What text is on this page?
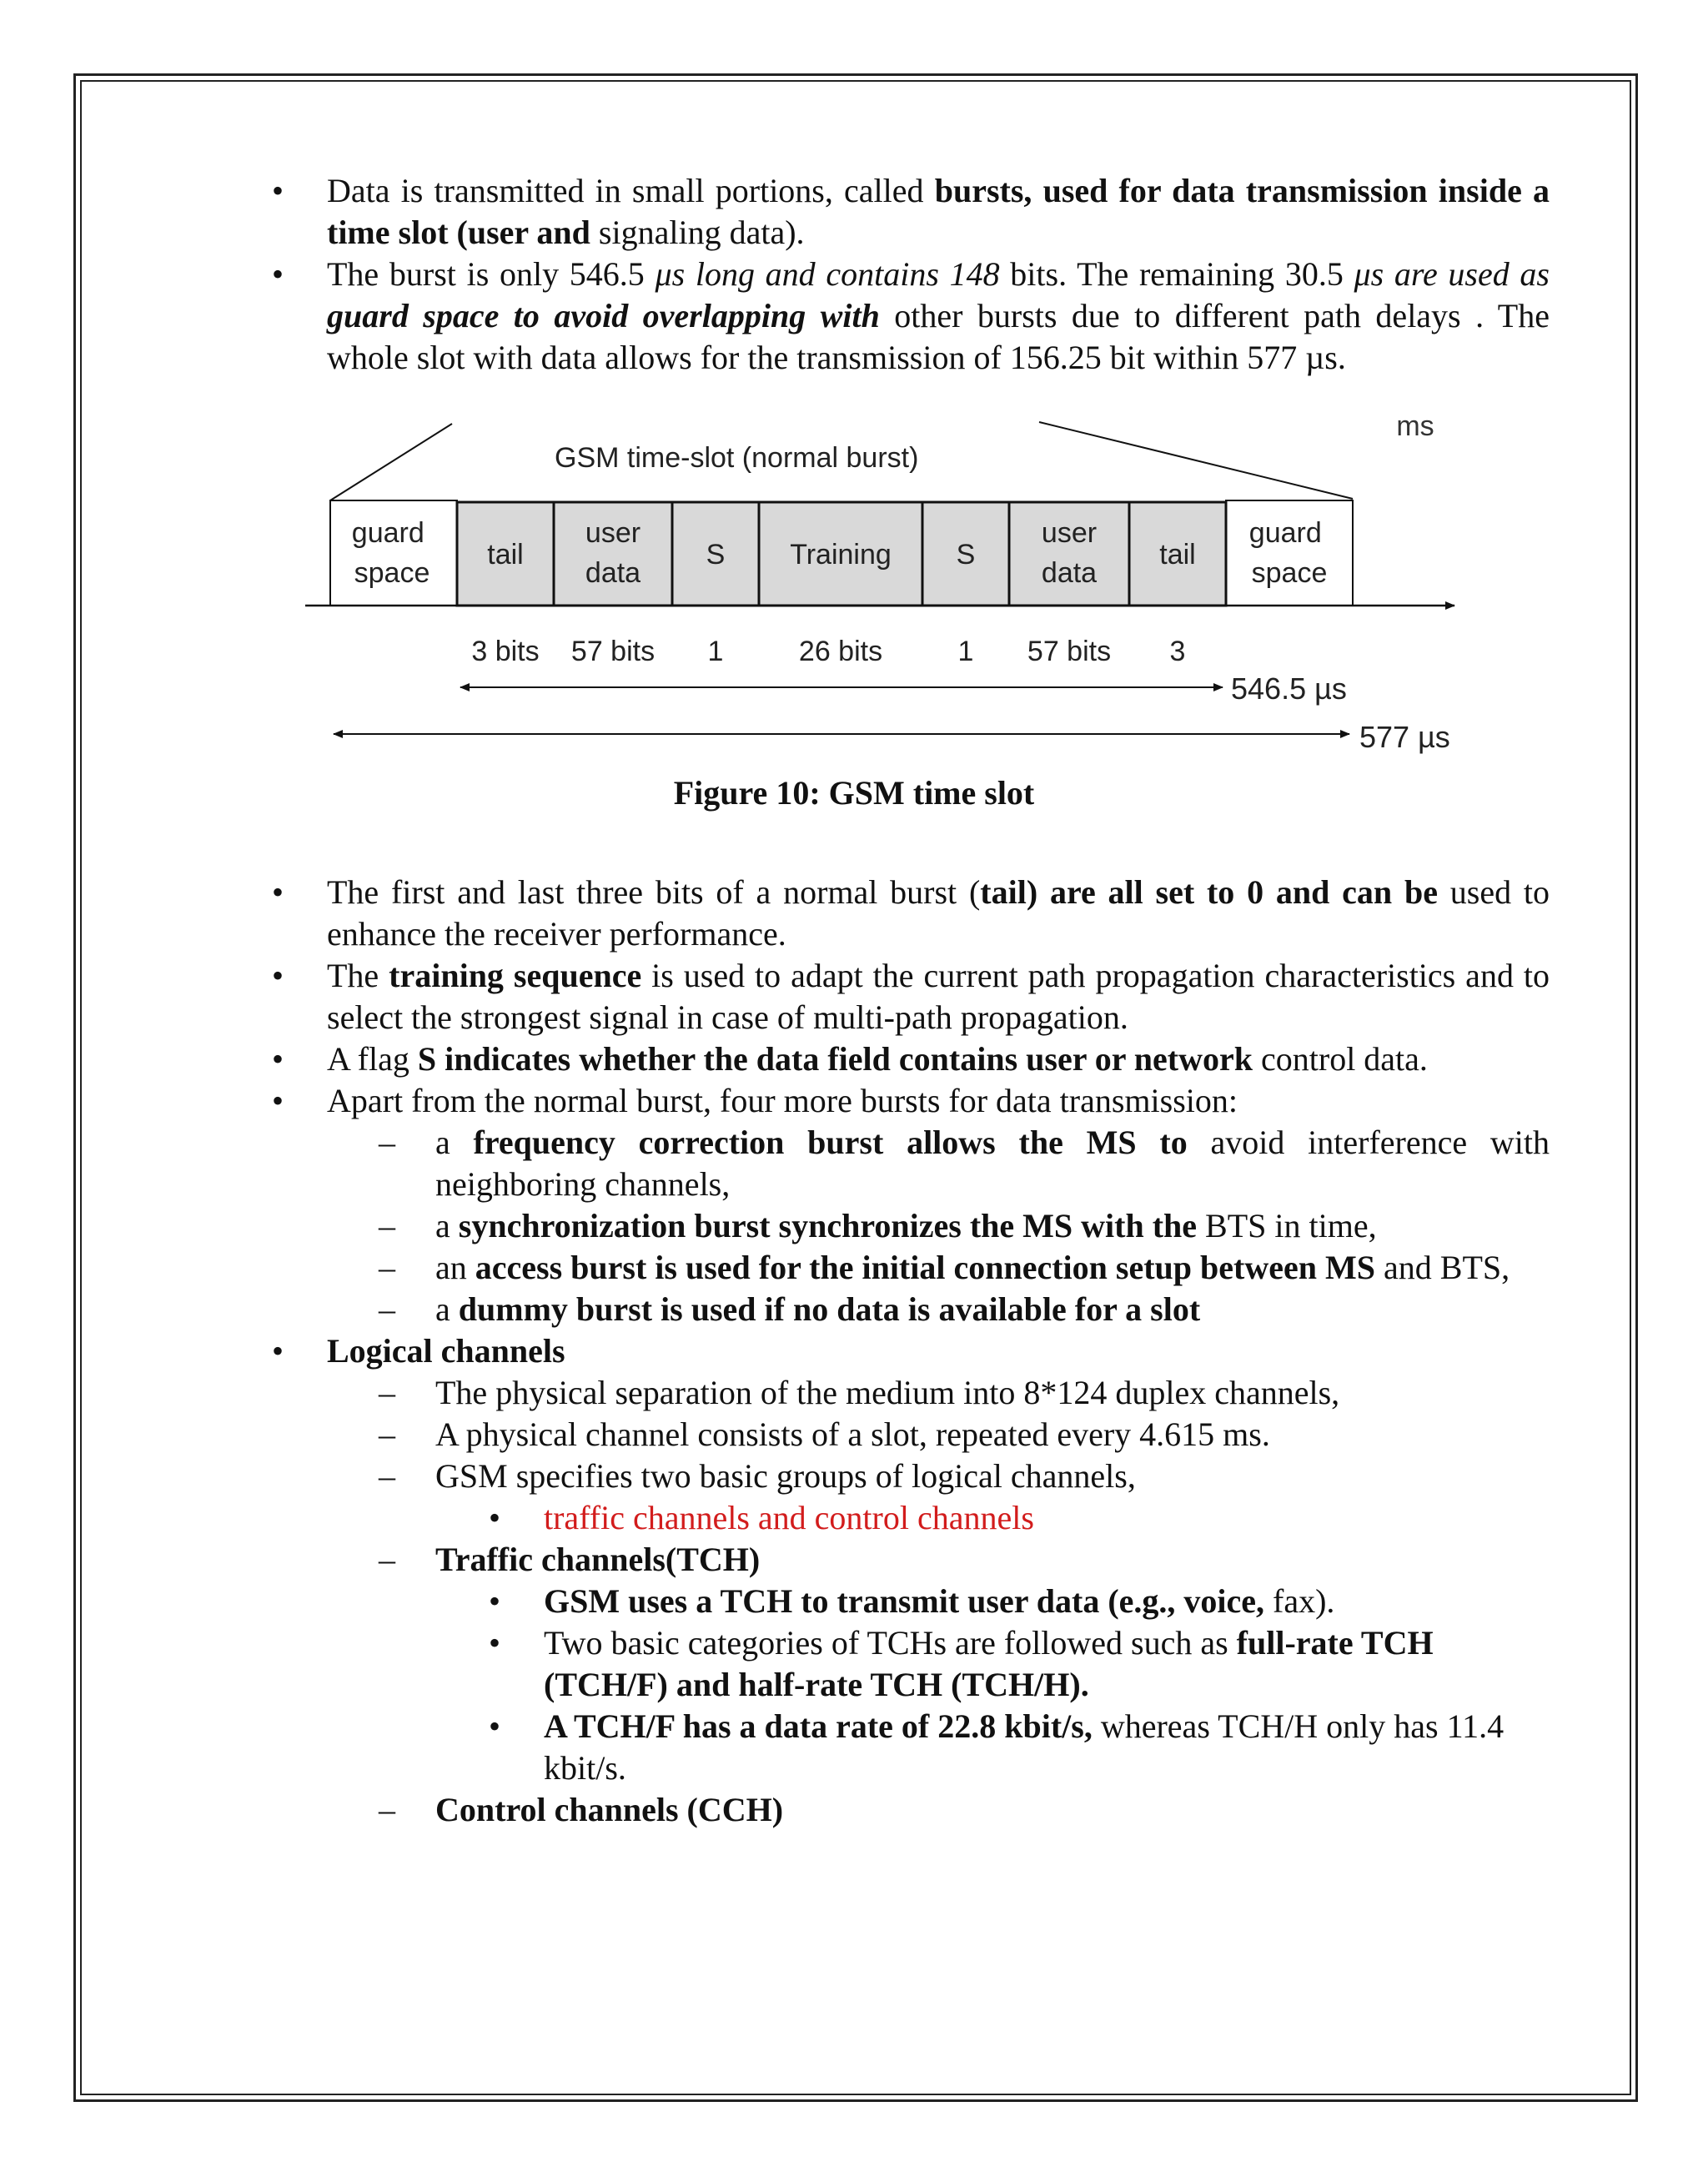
• Data is transmitted in small portions, called bursts, used for data transmission inside a time slot (user and signaling data).
• The burst is only 546.5 μs long and contains 148 bits. The remaining 30.5 μs are used as guard space to avoid overlapping with other bursts due to different path delays . The whole slot with data allows for the transmission of 156.25 bit within 577 µs.
ms
GSM time-slot (normal burst)
guard space
guard space
tail
user data
S Training S
user data
tail
3 bits 57 bits 1	26 bits	1 57 bits 3
546.5 µs
577 µs
Figure 10: GSM time slot
• The first and last three bits of a normal burst (tail) are all set to 0 and can be used to enhance the receiver performance.
• The training sequence is used to adapt the current path propagation characteristics and to select the strongest signal in case of multi-path propagation.
• A flag S indicates whether the data field contains user or network control data.
• Apart from the normal burst, four more bursts for data transmission:
– a frequency correction burst allows the MS to avoid interference with neighboring channels,
– a synchronization burst synchronizes the MS with the BTS in time,
– an access burst is used for the initial connection setup between MS and BTS,
– a dummy burst is used if no data is available for a slot
• Logical channels
– The physical separation of the medium into 8*124 duplex channels,
– A physical channel consists of a slot, repeated every 4.615 ms.
– GSM specifies two basic groups of logical channels,
• traffic channels and control channels
– Traffic channels(TCH)
• GSM uses a TCH to transmit user data (e.g., voice, fax).
• Two basic categories of TCHs are followed such as full-rate TCH (TCH/F) and half-rate TCH (TCH/H).
• A TCH/F has a data rate of 22.8 kbit/s, whereas TCH/H only has 11.4 kbit/s.
– Control channels (CCH)
